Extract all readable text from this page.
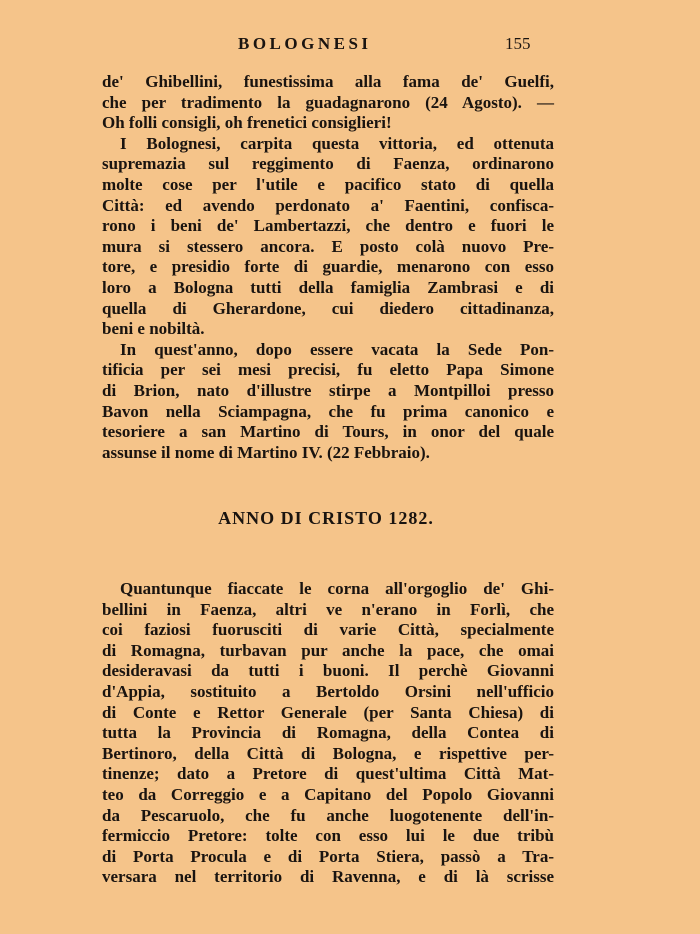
BOLOGNESI	155
de' Ghibellini, funestissima alla fama de' Guelfi,
che per tradimento la guadagnarono (24 Agosto). —
Oh folli consigli, oh frenetici consiglieri!
I Bolognesi, carpita questa vittoria, ed ottenuta
supremazia sul reggimento di Faenza, ordinarono
molte cose per l'utile e pacifico stato di quella
Città: ed avendo perdonato a' Faentini, confisca-
rono i beni de' Lambertazzi, che dentro e fuori le
mura si stessero ancora. E posto colà nuovo Pre-
tore, e presidio forte di guardie, menarono con esso
loro a Bologna tutti della famiglia Zambrasi e di
quella di Gherardone, cui diedero cittadinanza,
beni e nobiltà.
In quest'anno, dopo essere vacata la Sede Pon-
tificia per sei mesi precisi, fu eletto Papa Simone
di Brion, nato d'illustre stirpe a Montpilloi presso
Bavon nella Sciampagna, che fu prima canonico e
tesoriere a san Martino di Tours, in onor del quale
assunse il nome di Martino IV. (22 Febbraio).
ANNO DI CRISTO 1282.
Quantunque fiaccate le corna all'orgoglio de' Ghi-
bellini in Faenza, altri ve n'erano in Forlì, che
coi faziosi fuorusciti di varie Città, specialmente
di Romagna, turbavan pur anche la pace, che omai
desideravasi da tutti i buoni. Il perchè Giovanni
d'Appia, sostituito a Bertoldo Orsini nell'ufficio
di Conte e Rettor Generale (per Santa Chiesa) di
tutta la Provincia di Romagna, della Contea di
Bertinoro, della Città di Bologna, e rispettive per-
tinenze; dato a Pretore di quest'ultima Città Mat-
teo da Correggio e a Capitano del Popolo Giovanni
da Pescaruolo, che fu anche luogotenente dell'in-
fermiccio Pretore: tolte con esso lui le due tribù
di Porta Procula e di Porta Stiera, passò a Tra-
versara nel territorio di Ravenna, e di là scrisse
